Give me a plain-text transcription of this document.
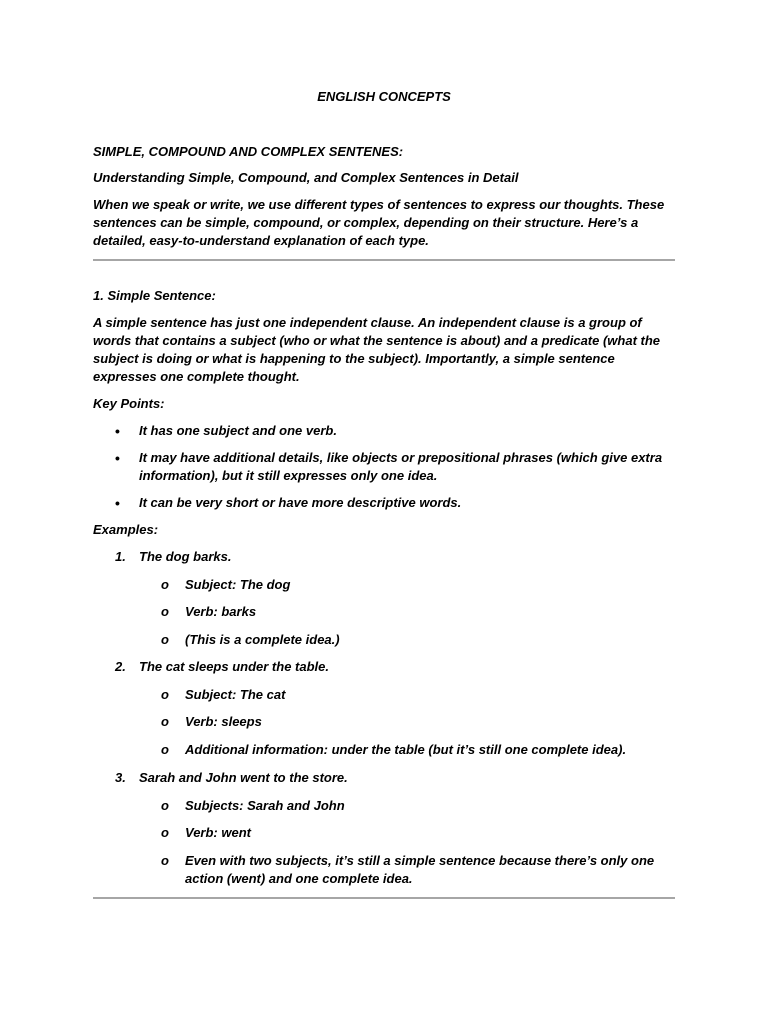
ENGLISH CONCEPTS

SIMPLE, COMPOUND AND COMPLEX SENTENES:

Understanding Simple, Compound, and Complex Sentences in Detail

When we speak or write, we use different types of sentences to express our thoughts. These sentences can be simple, compound, or complex, depending on their structure. Here’s a detailed, easy-to-understand explanation of each type.

1. Simple Sentence:

A simple sentence has just one independent clause. An independent clause is a group of words that contains a subject (who or what the sentence is about) and a predicate (what the subject is doing or what is happening to the subject). Importantly, a simple sentence expresses one complete thought.

Key Points:

•	It has one subject and one verb.
•	It may have additional details, like objects or prepositional phrases (which give extra information), but it still expresses only one idea.
•	It can be very short or have more descriptive words.

Examples:

1.	The dog barks.
o	Subject: The dog
o	Verb: barks
o	(This is a complete idea.)
2.	The cat sleeps under the table.
o	Subject: The cat
o	Verb: sleeps
o	Additional information: under the table (but it’s still one complete idea).
3.	Sarah and John went to the store.
o	Subjects: Sarah and John
o	Verb: went
o	Even with two subjects, it’s still a simple sentence because there’s only one action (went) and one complete idea.
